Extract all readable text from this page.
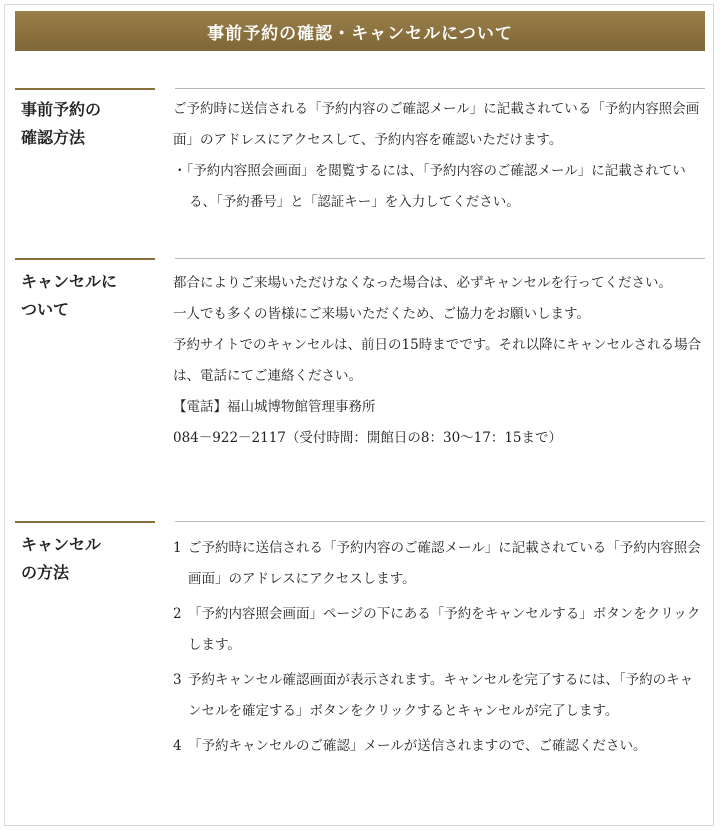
事前予約の確認・キャンセルについて
事前予約の
確認方法

ご予約時に送信される「予約内容のご確認メール」に記載されている「予約内容照会画面」のアドレスにアクセスして、予約内容を確認いただけます。

・「予約内容照会画面」を閲覧するには、「予約内容のご確認メール」に記載されている、「予約番号」と「認証キー」を入力してください。

キャンセルに
ついて

都合によりご来場いただけなくなった場合は、必ずキャンセルを行ってください。

一人でも多くの皆様にご来場いただくため、ご協力をお願いします。

予約サイトでのキャンセルは、前日の15時までです。それ以降にキャンセルされる場合は、電話にてご連絡ください。

【電話】福山城博物館管理事務所

084－922－2117（受付時間：開館日の8：30～17：15まで）

キャンセル
の方法
1 ご予約時に送信される「予約内容のご確認メール」に記載されている「予約内容照会画面」のアドレスにアクセスします。
2 「予約内容照会画面」ページの下にある「予約をキャンセルする」ボタンをクリックします。
3 予約キャンセル確認画面が表示されます。キャンセルを完了するには、「予約のキャンセルを確定する」ボタンをクリックするとキャンセルが完了します。
4 「予約キャンセルのご確認」メールが送信されますので、ご確認ください。
